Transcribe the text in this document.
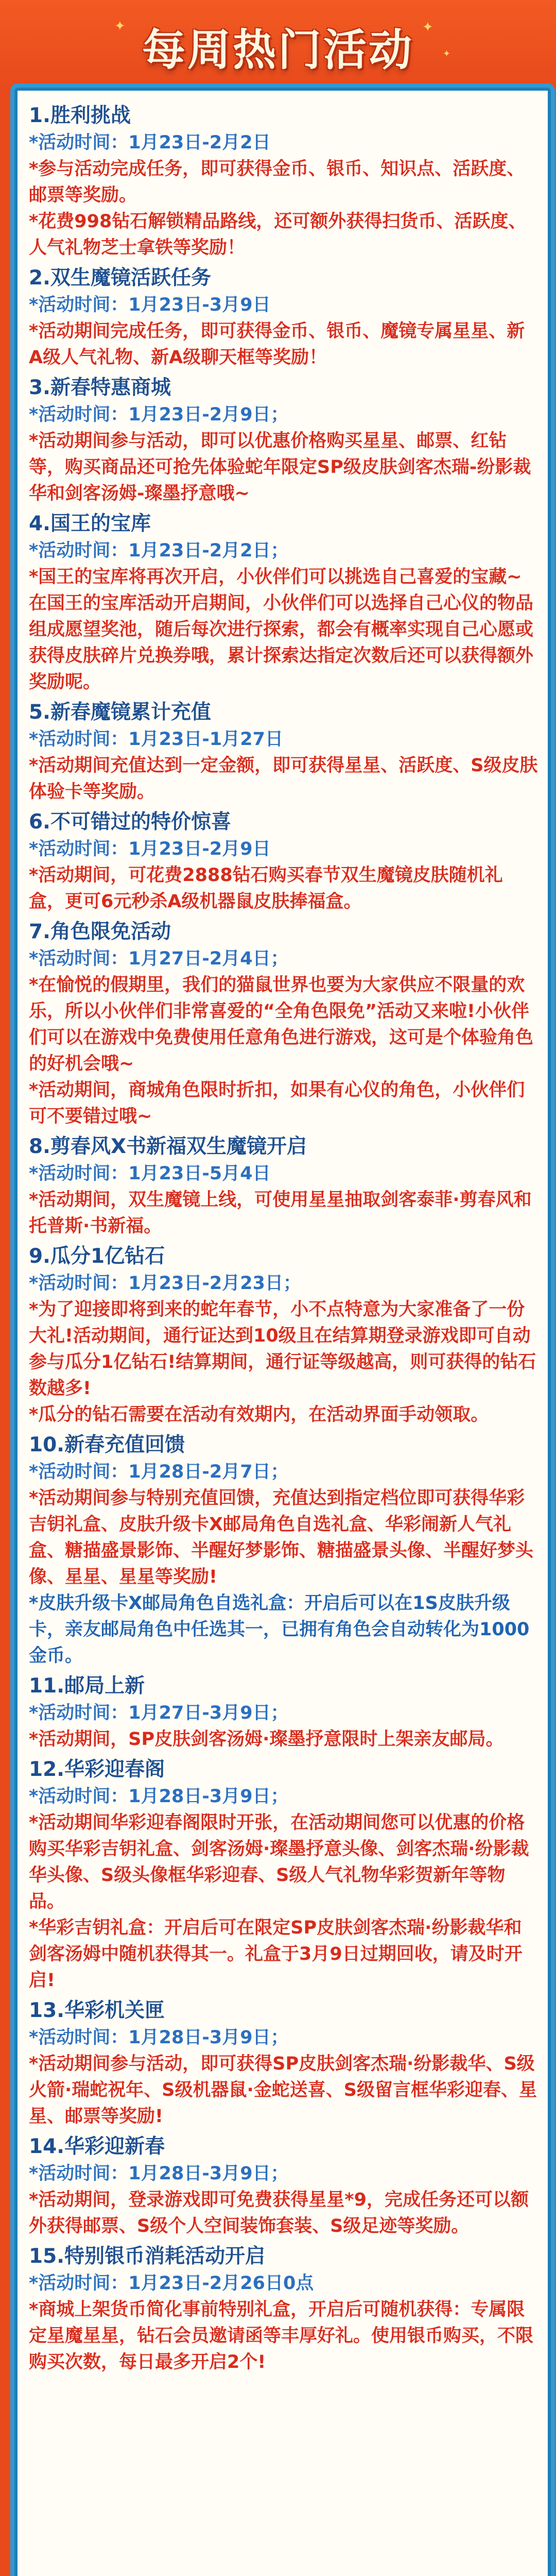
✦	✦
✦
每周热门活动
1.胜利挑战
*活动时间：1月23日-2月2日
*参与活动完成任务，即可获得金币、银币、知识点、活跃度、邮票等奖励。
*花费998钻石解锁精品路线，还可额外获得扫货币、活跃度、人气礼物芝士拿铁等奖励！
2.双生魔镜活跃任务
*活动时间：1月23日-3月9日
*活动期间完成任务，即可获得金币、银币、魔镜专属星星、新A级人气礼物、新A级聊天框等奖励！
3.新春特惠商城
*活动时间：1月23日-2月9日；
*活动期间参与活动，即可以优惠价格购买星星、邮票、红钻等，购买商品还可抢先体验蛇年限定SP级皮肤剑客杰瑞-纷影裁华和剑客汤姆-璨墨抒意哦~
4.国王的宝库
*活动时间：1月23日-2月2日；
*国王的宝库将再次开启，小伙伴们可以挑选自己喜爱的宝藏~在国王的宝库活动开启期间，小伙伴们可以选择自己心仪的物品组成愿望奖池，随后每次进行探索，都会有概率实现自己心愿或获得皮肤碎片兑换券哦，累计探索达指定次数后还可以获得额外奖励呢。
5.新春魔镜累计充值
*活动时间：1月23日-1月27日
*活动期间充值达到一定金额，即可获得星星、活跃度、S级皮肤体验卡等奖励。
6.不可错过的特价惊喜
*活动时间：1月23日-2月9日
*活动期间，可花费2888钻石购买春节双生魔镜皮肤随机礼盒，更可6元秒杀A级机器鼠皮肤捧福盒。
7.角色限免活动
*活动时间：1月27日-2月4日；
*在愉悦的假期里，我们的猫鼠世界也要为大家供应不限量的欢乐，所以小伙伴们非常喜爱的“全角色限免”活动又来啦!小伙伴们可以在游戏中免费使用任意角色进行游戏，这可是个体验角色的好机会哦~
*活动期间，商城角色限时折扣，如果有心仪的角色，小伙伴们可不要错过哦~
8.剪春风X书新福双生魔镜开启
*活动时间：1月23日-5月4日
*活动期间，双生魔镜上线，可使用星星抽取剑客泰菲·剪春风和托普斯·书新福。
9.瓜分1亿钻石
*活动时间：1月23日-2月23日；
*为了迎接即将到来的蛇年春节，小不点特意为大家准备了一份大礼!活动期间，通行证达到10级且在结算期登录游戏即可自动参与瓜分1亿钻石!结算期间，通行证等级越高，则可获得的钻石数越多!
*瓜分的钻石需要在活动有效期内，在活动界面手动领取。
10.新春充值回馈
*活动时间：1月28日-2月7日；
*活动期间参与特别充值回馈，充值达到指定档位即可获得华彩吉钥礼盒、皮肤升级卡X邮局角色自选礼盒、华彩闹新人气礼盒、糖描盛景影饰、半醒好梦影饰、糖描盛景头像、半醒好梦头像、星星、星星等奖励!
*皮肤升级卡X邮局角色自选礼盒：开启后可以在1S皮肤升级卡，亲友邮局角色中任选其一，已拥有角色会自动转化为1000金币。
11.邮局上新
*活动时间：1月27日-3月9日；
*活动期间，SP皮肤剑客汤姆·璨墨抒意限时上架亲友邮局。
12.华彩迎春阁
*活动时间：1月28日-3月9日；
*活动期间华彩迎春阁限时开张，在活动期间您可以优惠的价格购买华彩吉钥礼盒、剑客汤姆·璨墨抒意头像、剑客杰瑞·纷影裁华头像、S级头像框华彩迎春、S级人气礼物华彩贺新年等物品。
*华彩吉钥礼盒：开启后可在限定SP皮肤剑客杰瑞·纷影裁华和剑客汤姆中随机获得其一。礼盒于3月9日过期回收，请及时开启!
13.华彩机关匣
*活动时间：1月28日-3月9日；
*活动期间参与活动，即可获得SP皮肤剑客杰瑞·纷影裁华、S级火箭·瑞蛇祝年、S级机器鼠·金蛇送喜、S级留言框华彩迎春、星星、邮票等奖励!
14.华彩迎新春
*活动时间：1月28日-3月9日；
*活动期间，登录游戏即可免费获得星星*9，完成任务还可以额外获得邮票、S级个人空间装饰套装、S级足迹等奖励。
15.特别银币消耗活动开启
*活动时间：1月23日-2月26日0点
*商城上架货币简化事前特别礼盒，开启后可随机获得：专属限定星魔星星，钻石会员邀请函等丰厚好礼。使用银币购买，不限购买次数，每日最多开启2个!
